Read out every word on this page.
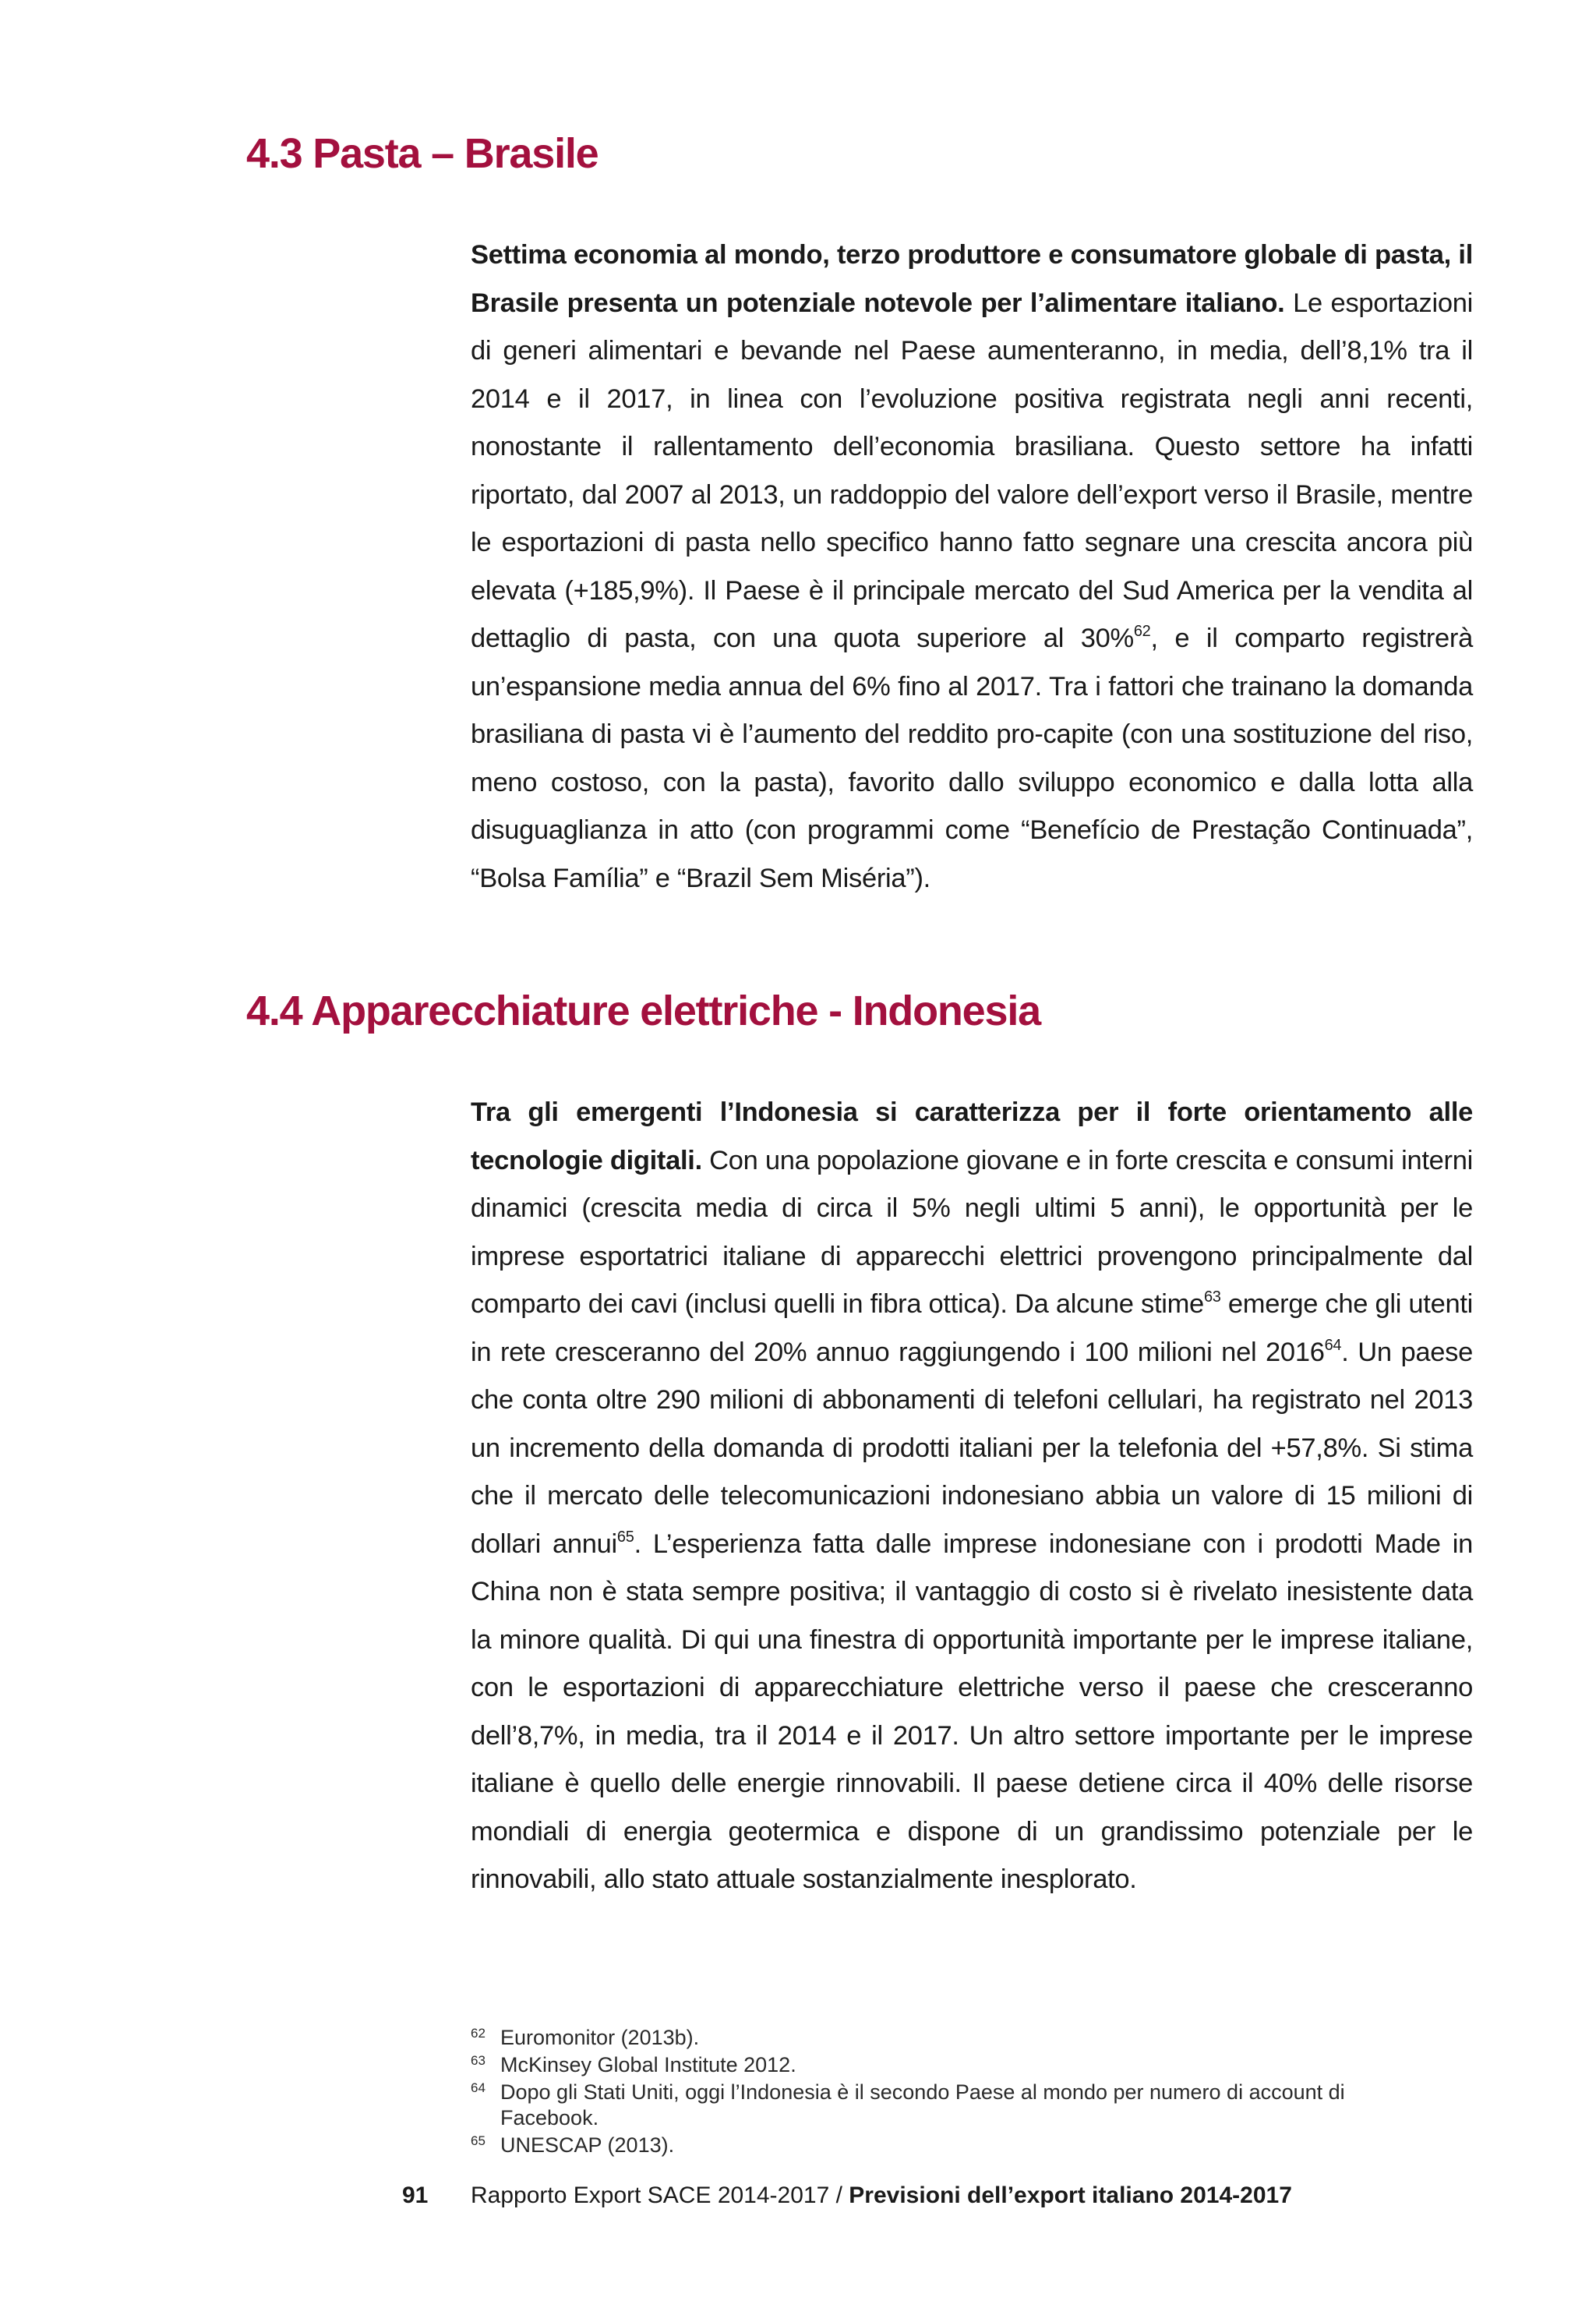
4.3 Pasta – Brasile

Settima economia al mondo, terzo produttore e consumatore globale di pasta, il Brasile presenta un potenziale notevole per l’alimentare italiano. Le esportazioni di generi alimentari e bevande nel Paese aumenteranno, in media, dell’8,1% tra il 2014 e il 2017, in linea con l’evoluzione positiva registrata negli anni recenti, nonostante il rallentamento dell’economia brasiliana. Questo settore ha infatti riportato, dal 2007 al 2013, un raddoppio del valore dell’export verso il Brasile, mentre le esportazioni di pasta nello specifico hanno fatto segnare una crescita ancora più elevata (+185,9%). Il Paese è il principale mercato del Sud America per la vendita al dettaglio di pasta, con una quota superiore al 30%$^{62}$, e il comparto registrerà un’espansione media annua del 6% fino al 2017. Tra i fattori che trainano la domanda brasiliana di pasta vi è l’aumento del reddito pro-capite (con una sostituzione del riso, meno costoso, con la pasta), favorito dallo sviluppo economico e dalla lotta alla disuguaglianza in atto (con programmi come “Benefício de Prestação Continuada”, “Bolsa Família” e “Brazil Sem Miséria”).

4.4 Apparecchiature elettriche - Indonesia

Tra gli emergenti l’Indonesia si caratterizza per il forte orientamento alle tecnologie digitali. Con una popolazione giovane e in forte crescita e consumi interni dinamici (crescita media di circa il 5% negli ultimi 5 anni), le opportunità per le imprese esportatrici italiane di apparecchi elettrici provengono principalmente dal comparto dei cavi (inclusi quelli in fibra ottica). Da alcune stime$^{63}$ emerge che gli utenti in rete cresceranno del 20% annuo raggiungendo i 100 milioni nel 2016$^{64}$. Un paese che conta oltre 290 milioni di abbonamenti di telefoni cellulari, ha registrato nel 2013 un incremento della domanda di prodotti italiani per la telefonia del +57,8%. Si stima che il mercato delle telecomunicazioni indonesiano abbia un valore di 15 milioni di dollari annui$^{65}$. L’esperienza fatta dalle imprese indonesiane con i prodotti Made in China non è stata sempre positiva; il vantaggio di costo si è rivelato inesistente data la minore qualità. Di qui una finestra di opportunità importante per le imprese italiane, con le esportazioni di apparecchiature elettriche verso il paese che cresceranno dell’8,7%, in media, tra il 2014 e il 2017. Un altro settore importante per le imprese italiane è quello delle energie rinnovabili. Il paese detiene circa il 40% delle risorse mondiali di energia geotermica e dispone di un grandissimo potenziale per le rinnovabili, allo stato attuale sostanzialmente inesplorato.

62 Euromonitor (2013b).
63 McKinsey Global Institute 2012.
64 Dopo gli Stati Uniti, oggi l’Indonesia è il secondo Paese al mondo per numero di account di Facebook.
65 UNESCAP (2013).
91 Rapporto Export SACE 2014-2017 / Previsioni dell’export italiano 2014-2017
